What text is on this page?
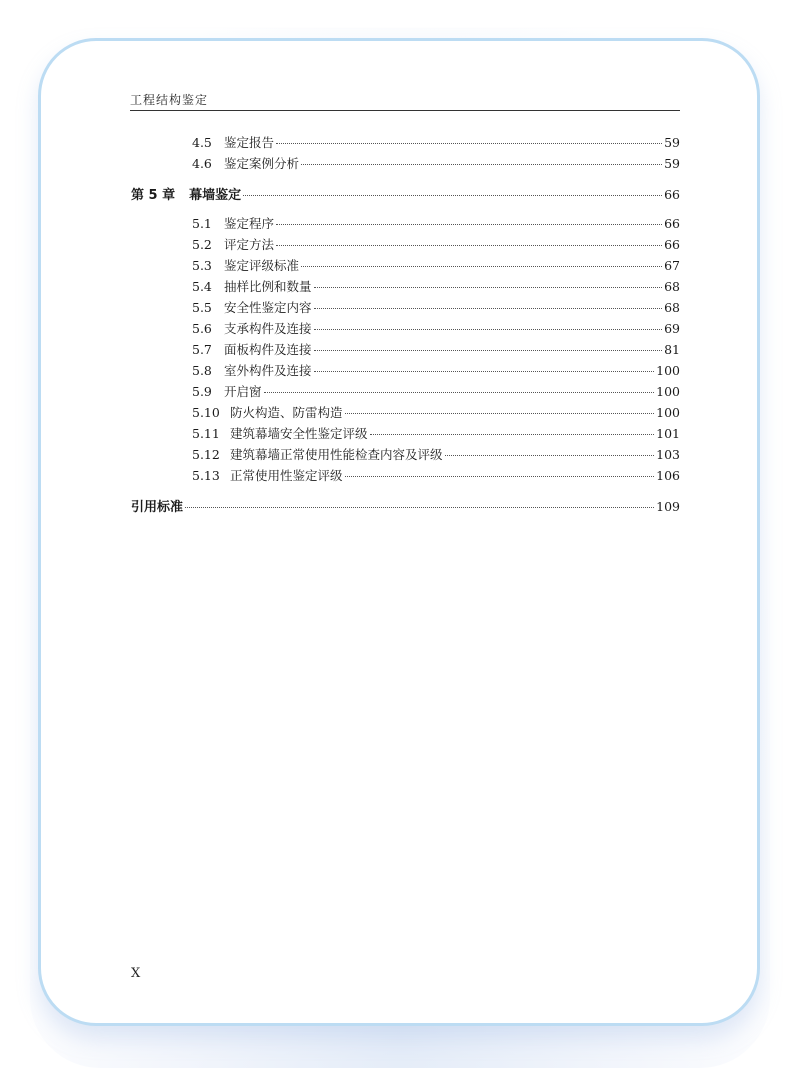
工程结构鉴定
4.5 鉴定报告	59
4.6 鉴定案例分析	59
第 5 章 幕墙鉴定	66
5.1 鉴定程序	66
5.2 评定方法	66
5.3 鉴定评级标准	67
5.4 抽样比例和数量	68
5.5 安全性鉴定内容	68
5.6 支承构件及连接	69
5.7 面板构件及连接	81
5.8 室外构件及连接	100
5.9 开启窗	100
5.10 防火构造、防雷构造	100
5.11 建筑幕墙安全性鉴定评级	101
5.12 建筑幕墙正常使用性能检查内容及评级	103
5.13 正常使用性鉴定评级	106
引用标准	109
X
